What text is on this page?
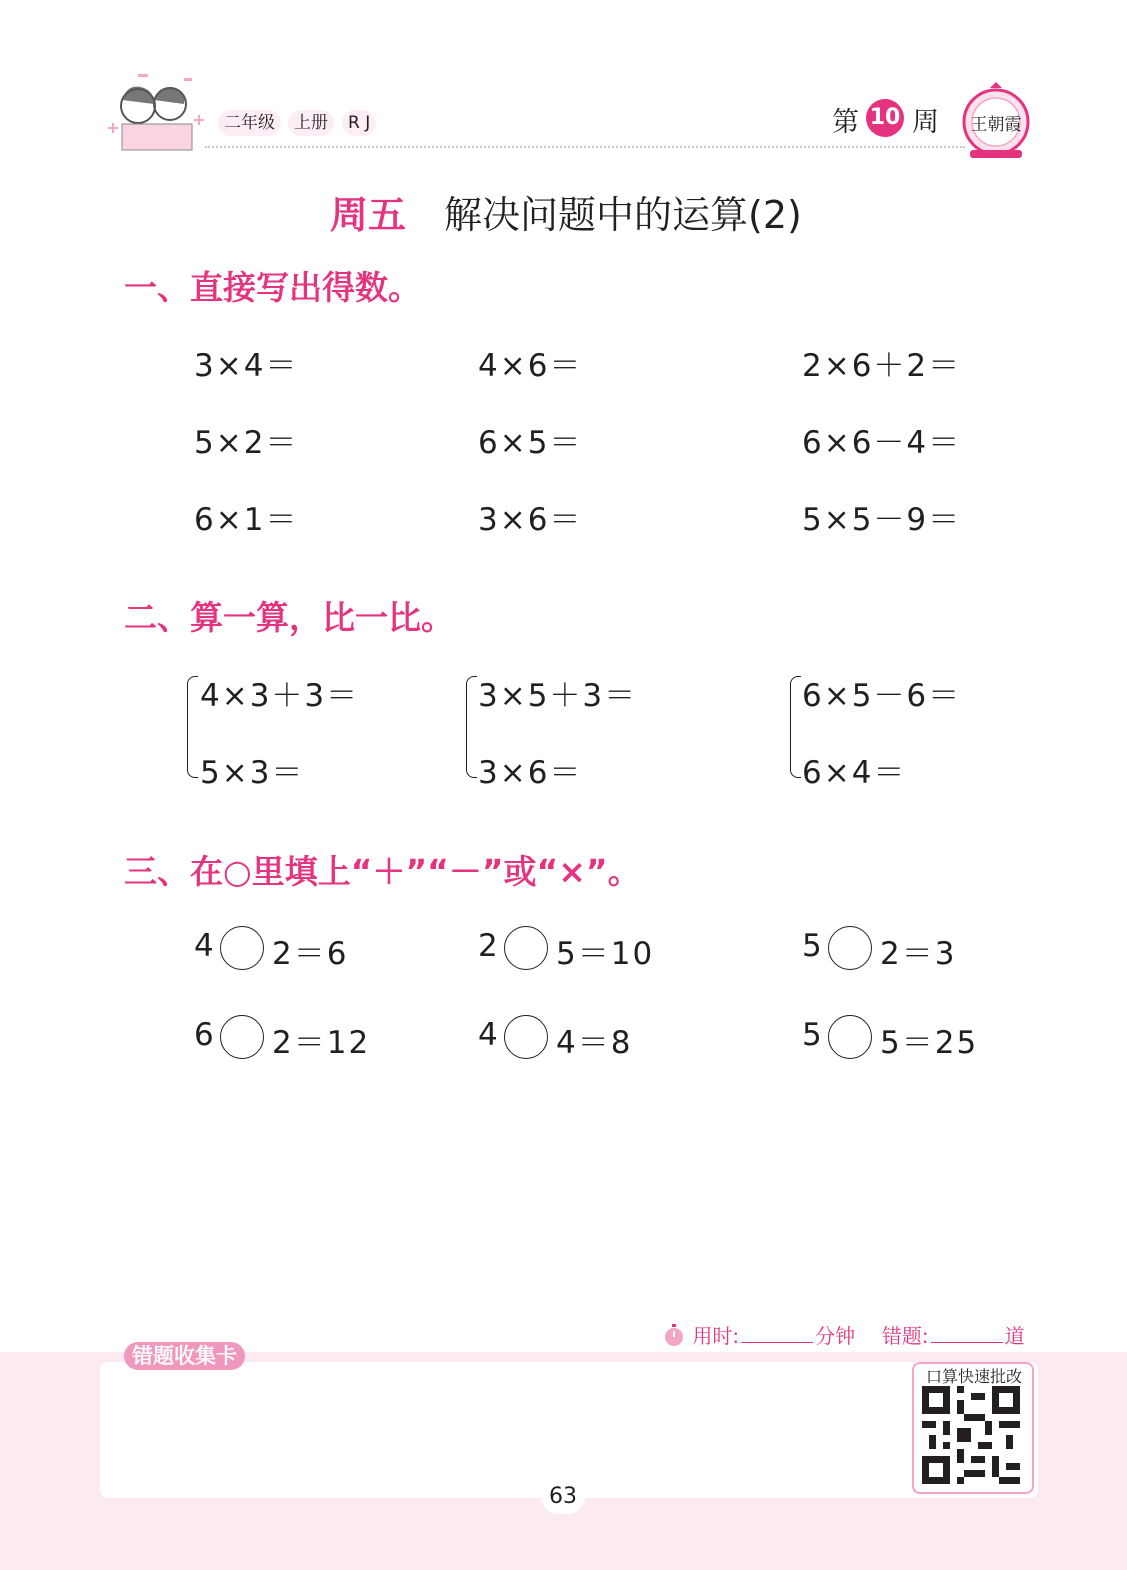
二年级	上册	R J	第 10 周 王朝霞
周五 解决问题中的运算(2)
一、直接写出得数。
3×4＝	4×6＝	2×6＋2＝
5×2＝	6×5＝	6×6－4＝
6×1＝	3×6＝	5×5－9＝
二、算一算，比一比。
4×3＋3＝
5×3＝
3×5＋3＝
3×6＝
6×5－6＝
6×4＝
三、在○里填上“＋”“－”或“×”。
4 2＝6	2 5＝10	5 2＝3
6 2＝12	4 4＝8	5 5＝25
错题收集卡
用时:	分钟 错题:	道
口算快速批改
63
